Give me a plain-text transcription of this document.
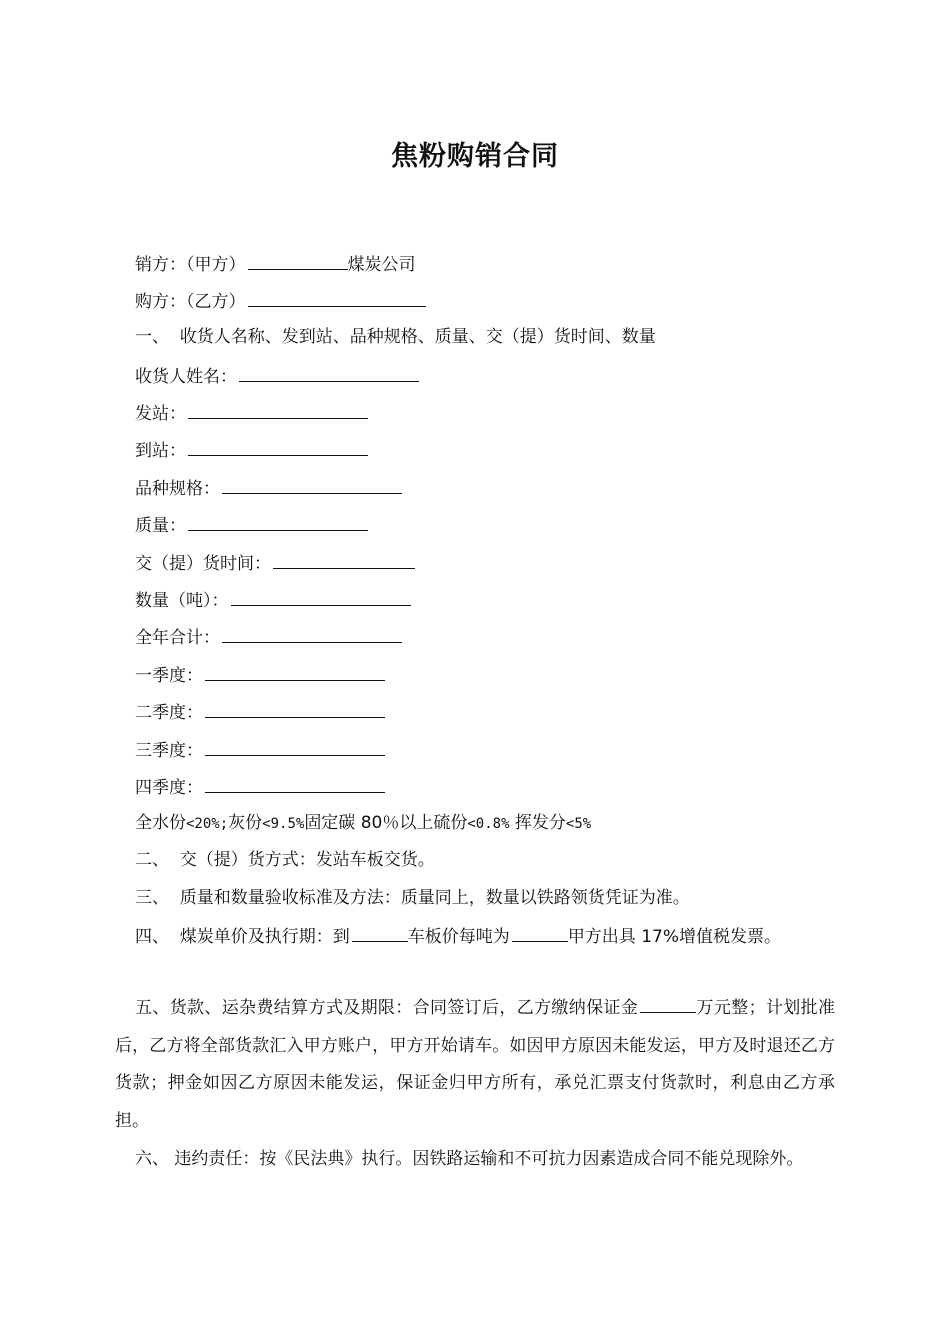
焦粉购销合同
销方：（甲方）	煤炭公司
购方：（乙方）
一、  收货人名称、发到站、品种规格、质量、交（提）货时间、数量
收货人姓名：
发站：
到站：
品种规格：
质量：
交（提）货时间：
数量（吨）：
全年合计：
一季度：
二季度：
三季度：
四季度：
全水份<20%;灰份<9.5%固定碳 80％以上硫份<0.8% 挥发分<5%
二、  交（提）货方式：发站车板交货。
三、  质量和数量验收标准及方法：质量同上，数量以铁路领货凭证为准。
四、  煤炭单价及执行期：到	车板价每吨为	甲方出具 17%增值税发票。
五、货款、运杂费结算方式及期限：合同签订后，乙方缴纳保证金	万元整；计划批准后，乙方将全部货款汇入甲方账户，甲方开始请车。如因甲方原因未能发运，甲方及时退还乙方货款；押金如因乙方原因未能发运，保证金归甲方所有，承兑汇票支付货款时，利息由乙方承担。
六、 违约责任：按《民法典》执行。因铁路运输和不可抗力因素造成合同不能兑现除外。
